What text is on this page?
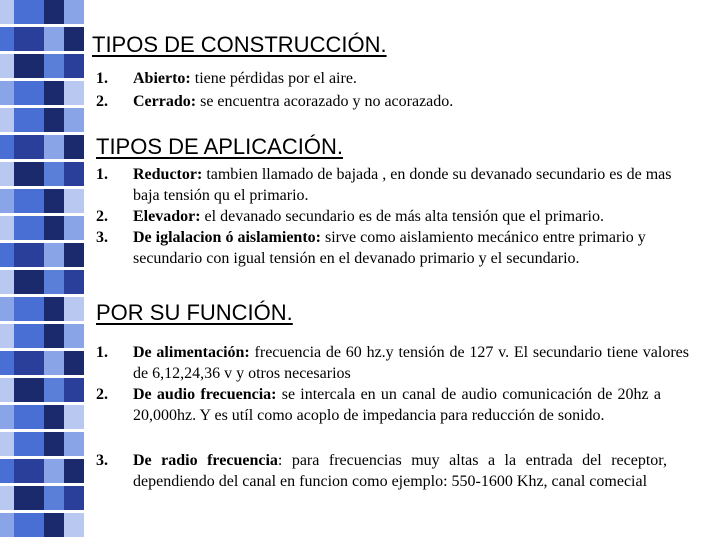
TIPOS DE CONSTRUCCIÓN.
1. Abierto: tiene pérdidas por el aire.
2. Cerrado: se encuentra acorazado y no acorazado.
TIPOS DE APLICACIÓN.
1. Reductor: tambien llamado de bajada , en donde su devanado secundario es de mas baja tensión qu el primario.
2. Elevador: el devanado secundario es de más alta tensión que el primario.
3. De iglalacion ó aislamiento: sirve como aislamiento mecánico entre primario y secundario con igual tensión en el devanado primario y el secundario.
POR SU FUNCIÓN.
1. De alimentación: frecuencia de 60 hz.y tensión de 127 v. El secundario tiene valores de 6,12,24,36 v y otros necesarios
2. De audio frecuencia: se intercala en un canal de audio comunicación de 20hz a 20,000hz. Y es utíl como acoplo de impedancia para reducción de sonido.
3. De radio frecuencia: para frecuencias muy altas a la entrada del receptor, dependiendo del canal en funcion como ejemplo: 550-1600 Khz, canal comecial
